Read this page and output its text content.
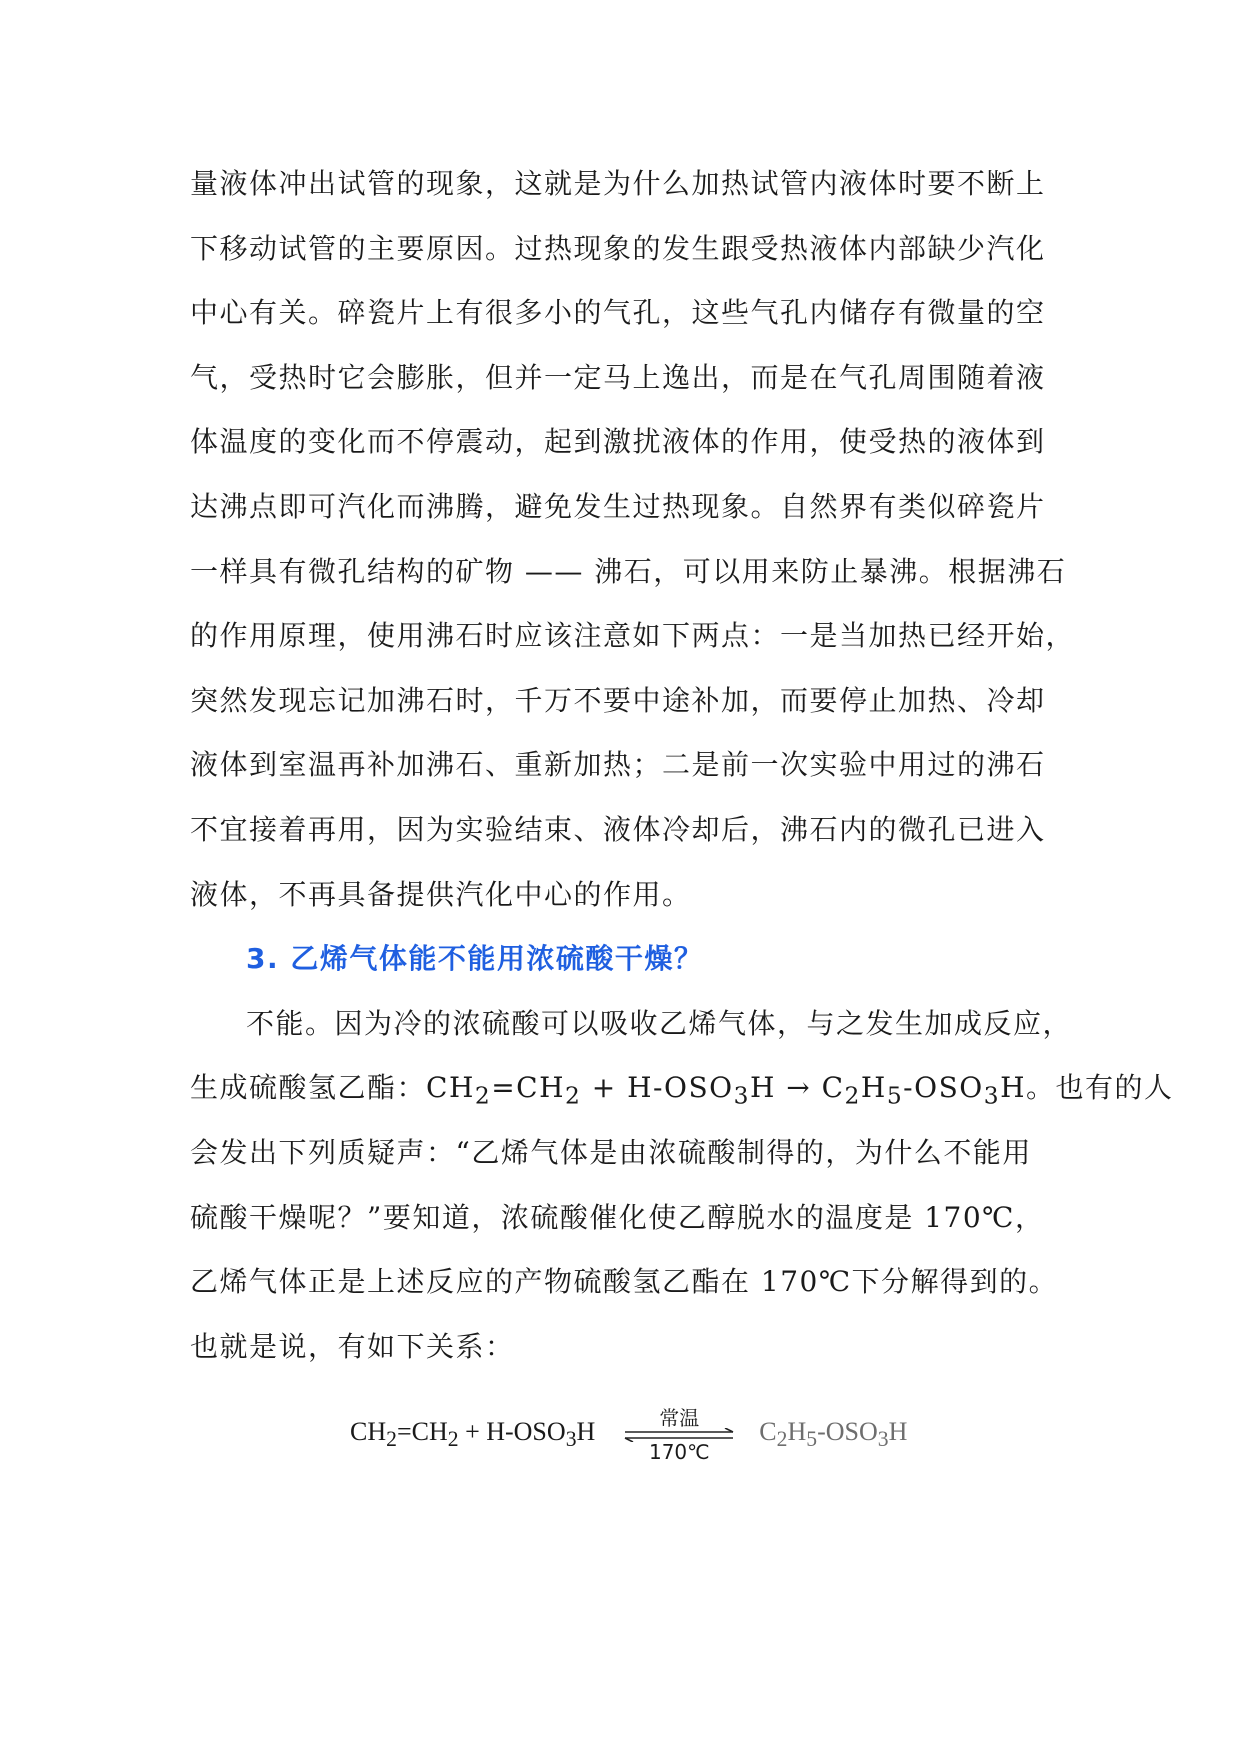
量液体冲出试管的现象，这就是为什么加热试管内液体时要不断上
下移动试管的主要原因。过热现象的发生跟受热液体内部缺少汽化
中心有关。碎瓷片上有很多小的气孔，这些气孔内储存有微量的空
气，受热时它会膨胀，但并一定马上逸出，而是在气孔周围随着液
体温度的变化而不停震动，起到激扰液体的作用，使受热的液体到
达沸点即可汽化而沸腾，避免发生过热现象。自然界有类似碎瓷片
一样具有微孔结构的矿物 —— 沸石，可以用来防止暴沸。根据沸石
的作用原理，使用沸石时应该注意如下两点：一是当加热已经开始，
突然发现忘记加沸石时，千万不要中途补加，而要停止加热、冷却
液体到室温再补加沸石、重新加热；二是前一次实验中用过的沸石
不宜接着再用，因为实验结束、液体冷却后，沸石内的微孔已进入
液体，不再具备提供汽化中心的作用。
3. 乙烯气体能不能用浓硫酸干燥？
不能。因为冷的浓硫酸可以吸收乙烯气体，与之发生加成反应，
生成硫酸氢乙酯：$CH_2=CH_2 + H-OSO_3H \to C_2H_5-OSO_3H$。也有的人
会发出下列质疑声：“乙烯气体是由浓硫酸制得的，为什么不能用
硫酸干燥呢？”要知道，浓硫酸催化使乙醇脱水的温度是 170℃，
乙烯气体正是上述反应的产物硫酸氢乙酯在 170℃下分解得到的。
也就是说，有如下关系：
$CH_2=CH_2 + H-OSO_3H$	常温
170℃
$C_2H_5-OSO_3H$
